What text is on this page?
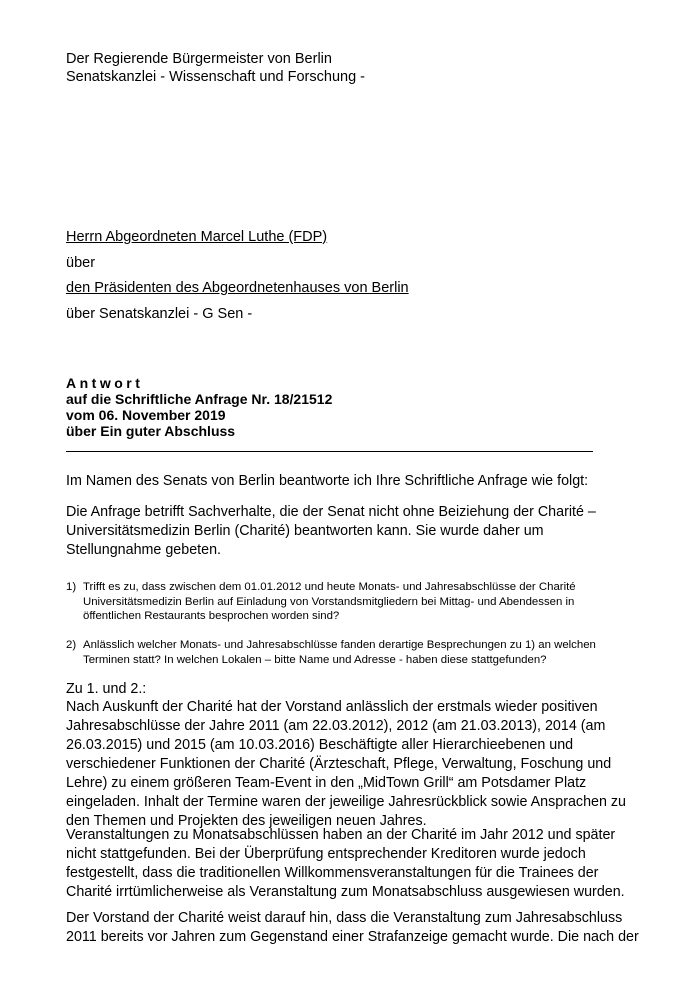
Der Regierende Bürgermeister von Berlin
Senatskanzlei - Wissenschaft und Forschung -
Herrn Abgeordneten Marcel Luthe (FDP)
über
den Präsidenten des Abgeordnetenhauses von Berlin
über Senatskanzlei - G Sen -
Antwort
auf die Schriftliche Anfrage Nr. 18/21512
vom 06. November 2019
über Ein guter Abschluss

Im Namen des Senats von Berlin beantworte ich Ihre Schriftliche Anfrage wie folgt:

Die Anfrage betrifft Sachverhalte, die der Senat nicht ohne Beiziehung der Charité – Universitätsmedizin Berlin (Charité) beantworten kann. Sie wurde daher um Stellungnahme gebeten.

1) Trifft es zu, dass zwischen dem 01.01.2012 und heute Monats- und Jahresabschlüsse der Charité Universitätsmedizin Berlin auf Einladung von Vorstandsmitgliedern bei Mittag- und Abendessen in öffentlichen Restaurants besprochen worden sind?
2) Anlässlich welcher Monats- und Jahresabschlüsse fanden derartige Besprechungen zu 1) an welchen Terminen statt? In welchen Lokalen – bitte Name und Adresse - haben diese stattgefunden?
Zu 1. und 2.:

Nach Auskunft der Charité hat der Vorstand anlässlich der erstmals wieder positiven Jahresabschlüsse der Jahre 2011 (am 22.03.2012), 2012 (am 21.03.2013), 2014 (am 26.03.2015) und 2015 (am 10.03.2016) Beschäftigte aller Hierarchieebenen und verschiedener Funktionen der Charité (Ärzteschaft, Pflege, Verwaltung, Foschung und Lehre) zu einem größeren Team-Event in den „MidTown Grill“ am Potsdamer Platz eingeladen. Inhalt der Termine waren der jeweilige Jahresrückblick sowie Ansprachen zu den Themen und Projekten des jeweiligen neuen Jahres.

Veranstaltungen zu Monatsabschlüssen haben an der Charité im Jahr 2012 und später nicht stattgefunden. Bei der Überprüfung entsprechender Kreditoren wurde jedoch festgestellt, dass die traditionellen Willkommensveranstaltungen für die Trainees der Charité irrtümlicherweise als Veranstaltung zum Monatsabschluss ausgewiesen wurden.

Der Vorstand der Charité weist darauf hin, dass die Veranstaltung zum Jahresabschluss 2011 bereits vor Jahren zum Gegenstand einer Strafanzeige gemacht wurde. Die nach der
